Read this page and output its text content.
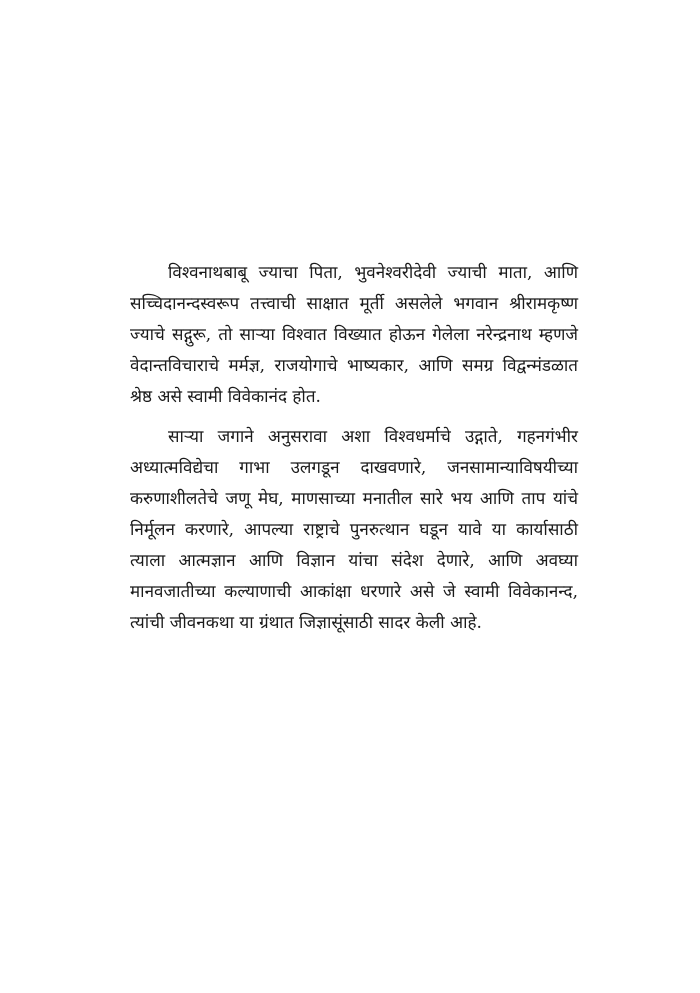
विश्वनाथबाबू ज्याचा पिता, भुवनेश्वरीदेवी ज्याची माता, आणि सच्चिदानन्दस्वरूप तत्त्वाची साक्षात मूर्ती असलेले भगवान श्रीरामकृष्ण ज्याचे सद्गुरू, तो साऱ्या विश्वात विख्यात होऊन गेलेला नरेन्द्रनाथ म्हणजे वेदान्तविचाराचे मर्मज्ञ, राजयोगाचे भाष्यकार, आणि समग्र विद्वन्मंडळात श्रेष्ठ असे स्वामी विवेकानंद होत.

साऱ्या जगाने अनुसरावा अशा विश्वधर्माचे उद्गाते, गहनगंभीर अध्यात्मविद्येचा गाभा उलगडून दाखवणारे, जनसामान्याविषयीच्या करुणाशीलतेचे जणू मेघ, माणसाच्या मनातील सारे भय आणि ताप यांचे निर्मूलन करणारे, आपल्या राष्ट्राचे पुनरुत्थान घडून यावे या कार्यासाठी त्याला आत्मज्ञान आणि विज्ञान यांचा संदेश देणारे, आणि अवघ्या मानवजातीच्या कल्याणाची आकांक्षा धरणारे असे जे स्वामी विवेकानन्द, त्यांची जीवनकथा या ग्रंथात जिज्ञासूंसाठी सादर केली आहे.
